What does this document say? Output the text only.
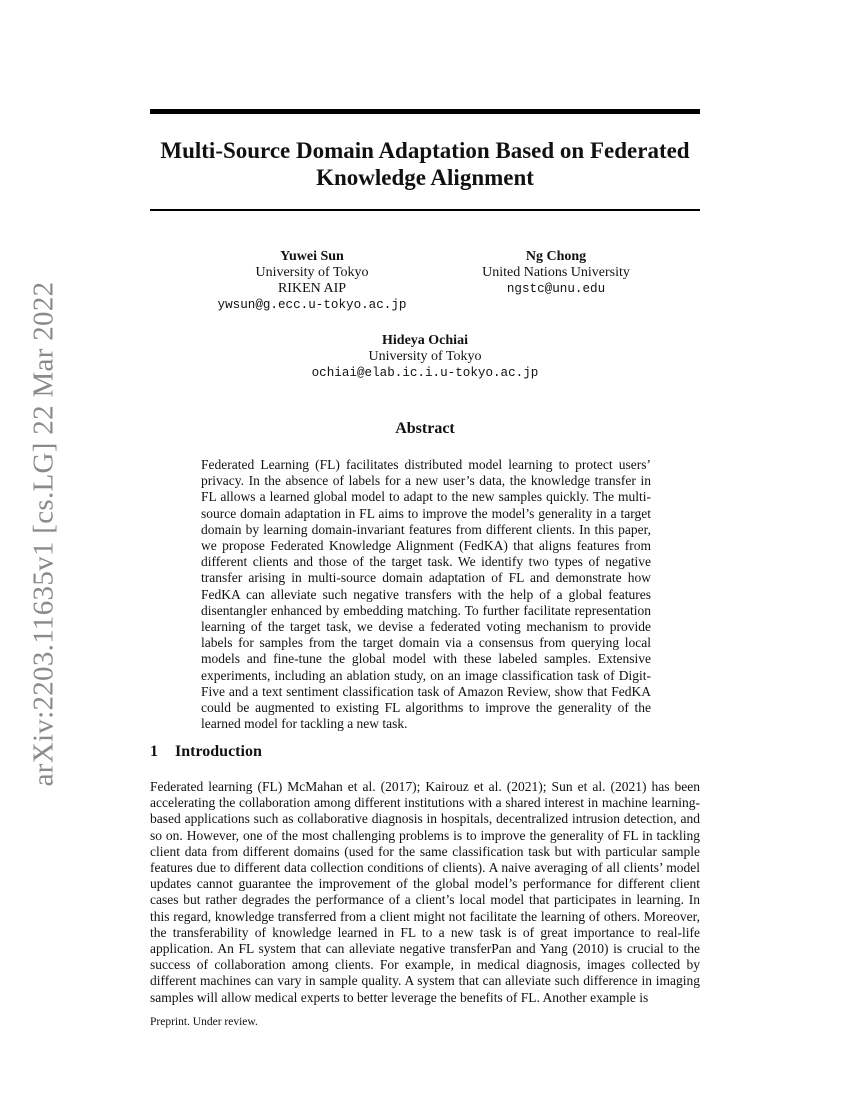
arXiv:2203.11635v1 [cs.LG] 22 Mar 2022
Multi-Source Domain Adaptation Based on Federated Knowledge Alignment
Yuwei Sun
University of Tokyo
RIKEN AIP
ywsun@g.ecc.u-tokyo.ac.jp
Ng Chong
United Nations University
ngstc@unu.edu
Hideya Ochiai
University of Tokyo
ochiai@elab.ic.i.u-tokyo.ac.jp
Abstract

Federated Learning (FL) facilitates distributed model learning to protect users’ privacy. In the absence of labels for a new user’s data, the knowledge transfer in FL allows a learned global model to adapt to the new samples quickly. The multi-source domain adaptation in FL aims to improve the model’s generality in a target domain by learning domain-invariant features from different clients. In this paper, we propose Federated Knowledge Alignment (FedKA) that aligns features from different clients and those of the target task. We identify two types of negative transfer arising in multi-source domain adaptation of FL and demonstrate how FedKA can alleviate such negative transfers with the help of a global features disentangler enhanced by embedding matching. To further facilitate representation learning of the target task, we devise a federated voting mechanism to provide labels for samples from the target domain via a consensus from querying local models and fine-tune the global model with these labeled samples. Extensive experiments, including an ablation study, on an image classification task of Digit-Five and a text sentiment classification task of Amazon Review, show that FedKA could be augmented to existing FL algorithms to improve the generality of the learned model for tackling a new task.

1 Introduction

Federated learning (FL) McMahan et al. (2017); Kairouz et al. (2021); Sun et al. (2021) has been accelerating the collaboration among different institutions with a shared interest in machine learning-based applications such as collaborative diagnosis in hospitals, decentralized intrusion detection, and so on. However, one of the most challenging problems is to improve the generality of FL in tackling client data from different domains (used for the same classification task but with particular sample features due to different data collection conditions of clients). A naive averaging of all clients’ model updates cannot guarantee the improvement of the global model’s performance for different client cases but rather degrades the performance of a client’s local model that participates in learning. In this regard, knowledge transferred from a client might not facilitate the learning of others. Moreover, the transferability of knowledge learned in FL to a new task is of great importance to real-life application. An FL system that can alleviate negative transferPan and Yang (2010) is crucial to the success of collaboration among clients. For example, in medical diagnosis, images collected by different machines can vary in sample quality. A system that can alleviate such difference in imaging samples will allow medical experts to better leverage the benefits of FL. Another example is

Preprint. Under review.
